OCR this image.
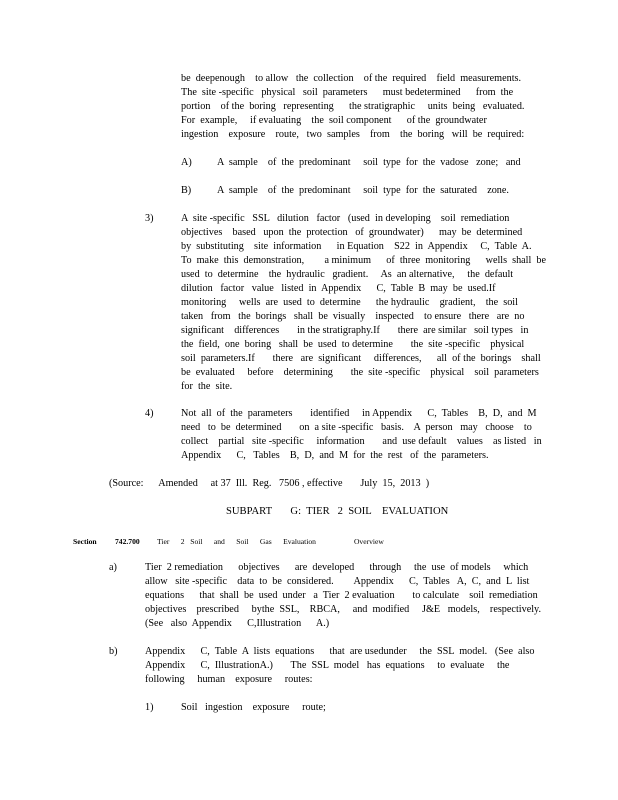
be  deepenough    to allow   the  collection    of the  required    field  measurements.
The  site -specific   physical   soil  parameters      must bedetermined      from  the
portion    of the  boring   representing      the stratigraphic     units  being   evaluated.
For  example,     if evaluating    the  soil component      of the  groundwater
ingestion    exposure    route,   two  samples    from    the  boring   will  be  required:
A) A  sample    of  the  predominant     soil  type  for  the  vadose   zone;   and
B)	A  sample    of  the  predominant     soil  type  for  the  saturated    zone.
3)	A  site -specific   SSL   dilution   factor   (used  in developing    soil  remediation
objectives    based   upon  the  protection   of  groundwater)      may  be  determined
by  substituting    site  information      in Equation    S22  in  Appendix     C,  Table  A.
To  make  this  demonstration,        a minimum      of  three  monitoring      wells  shall  be
used  to  determine    the  hydraulic   gradient.     As  an alternative,     the  default
dilution   factor   value   listed  in  Appendix      C,  Table  B  may  be  used.If
monitoring     wells  are  used  to  determine      the hydraulic    gradient,    the  soil
taken   from   the  borings   shall  be  visually    inspected    to ensure   there   are  no
significant    differences       in the stratigraphy.If       there  are similar   soil types   in
the  field,  one  boring   shall  be  used  to determine       the  site -specific    physical
soil  parameters.If       there   are  significant     differences,      all  of the  borings    shall
be  evaluated     before    determining       the  site -specific    physical    soil  parameters
for  the  site.
4)	Not  all  of  the  parameters       identified     in Appendix      C,  Tables    B,  D,  and  M
need   to  be  determined       on  a site -specific   basis.    A  person   may   choose    to
collect    partial   site -specific     information       and  use default    values    as listed   in
Appendix      C,   Tables    B,  D,  and  M  for  the  rest   of  the  parameters.
(Source:      Amended     at 37  Ill.  Reg.   7506 , effective       July  15,  2013  )
SUBPART       G:  TIER   2  SOIL    EVALUATION
Section 742.700 Tier      2   Soil      and      Soil      Gas      Evaluation                    Overview
a)	Tier  2 remediation      objectives      are  developed      through     the  use  of models     which
allow   site -specific    data  to  be  considered.        Appendix      C,  Tables   A,  C,  and  L  list
equations      that  shall  be  used  under   a  Tier  2 evaluation       to calculate    soil  remediation
objectives    prescribed     bythe  SSL,    RBCA,     and  modified     J&E   models,    respectively.
(See   also  Appendix      C,Illustration      A.)
b)	Appendix      C,  Table  A  lists  equations      that  are usedunder     the  SSL  model.   (See  also
Appendix      C,  IllustrationA.)       The  SSL  model   has  equations     to  evaluate     the
following     human    exposure     routes:
1)	Soil   ingestion    exposure     route;
